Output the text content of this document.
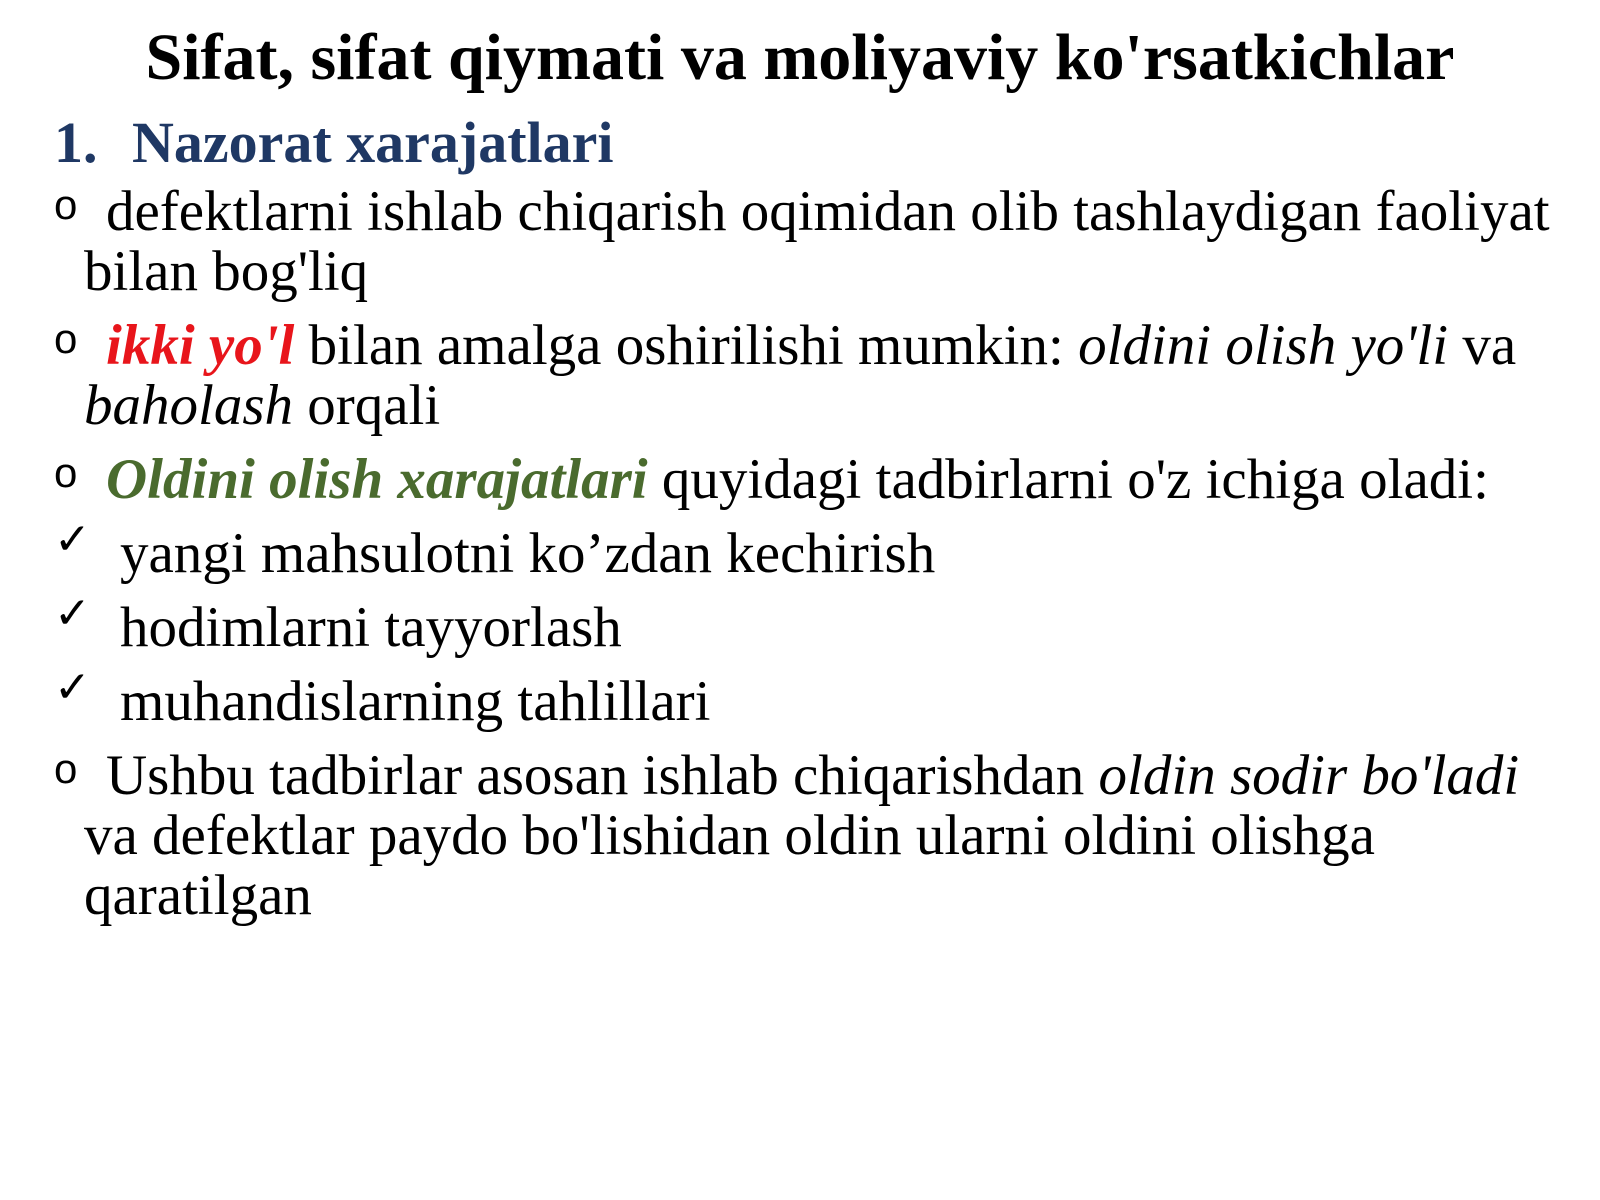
Sifat, sifat qiymati va moliyaviy ko'rsatkichlar
1. Nazorat xarajatlari

o defektlarni ishlab chiqarish oqimidan olib tashlaydigan faoliyat bilan bog'liq

o ikki yo'l bilan amalga oshirilishi mumkin: oldini olish yo'li va baholash orqali

o Oldini olish xarajatlari quyidagi tadbirlarni o'z ichiga oladi:

✓ yangi mahsulotni ko’zdan kechirish

✓ hodimlarni tayyorlash

✓ muhandislarning tahlillari

o Ushbu tadbirlar asosan ishlab chiqarishdan oldin sodir bo'ladi va defektlar paydo bo'lishidan oldin ularni oldini olishga qaratilgan
